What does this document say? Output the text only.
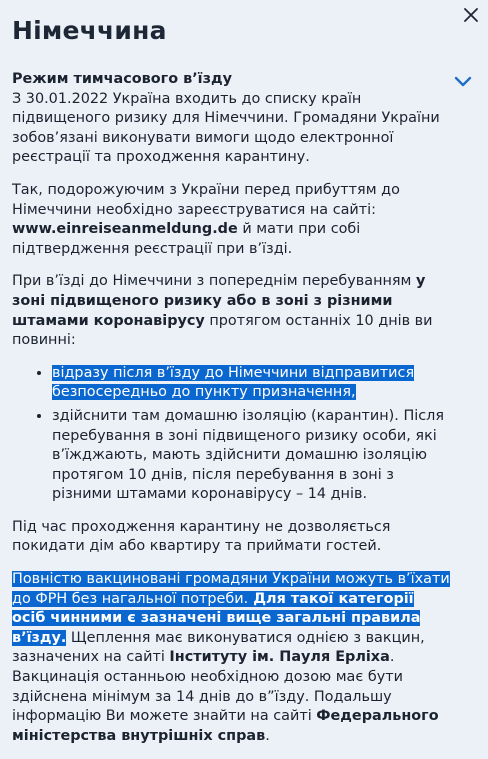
Німеччина
Режим тимчасового в’їзду

З 30.01.2022 Україна входить до списку країн підвищеного ризику для Німеччини. Громадяни України зобов’язані виконувати вимоги щодо електронної реєстрації та проходження карантину.

Так, подорожуючим з України перед прибуттям до Німеччини необхідно зареєструватися на сайті: www.einreiseanmeldung.de й мати при собі підтвердження реєстрації при в’їзді.

При в’їзді до Німеччини з попереднім перебуванням у зоні підвищеного ризику або в зоні з різними штамами коронавірусу протягом останніх 10 днів ви повинні:

• відразу після в’їзду до Німеччини відправитися безпосередньо до пункту призначення,
• здійснити там домашню ізоляцію (карантин). Після перебування в зоні підвищеного ризику особи, які в’їжджають, мають здійснити домашню ізоляцію протягом 10 днів, після перебування в зоні з різними штамами коронавірусу – 14 днів.

Під час проходження карантину не дозволяється покидати дім або квартиру та приймати гостей.

Повністю вакциновані громадяни України можуть в’їхати до ФРН без нагальної потреби. Для такої категорії осіб чинними є зазначені вище загальні правила в’їзду. Щеплення має виконуватися однією з вакцин, зазначених на сайті Інституту ім. Пауля Ерліха. Вакцинація останньою необхідною дозою має бути здійснена мінімум за 14 днів до в”їзду. Подальшу інформацію Ви можете знайти на сайті Федерального міністерства внутрішніх справ.
